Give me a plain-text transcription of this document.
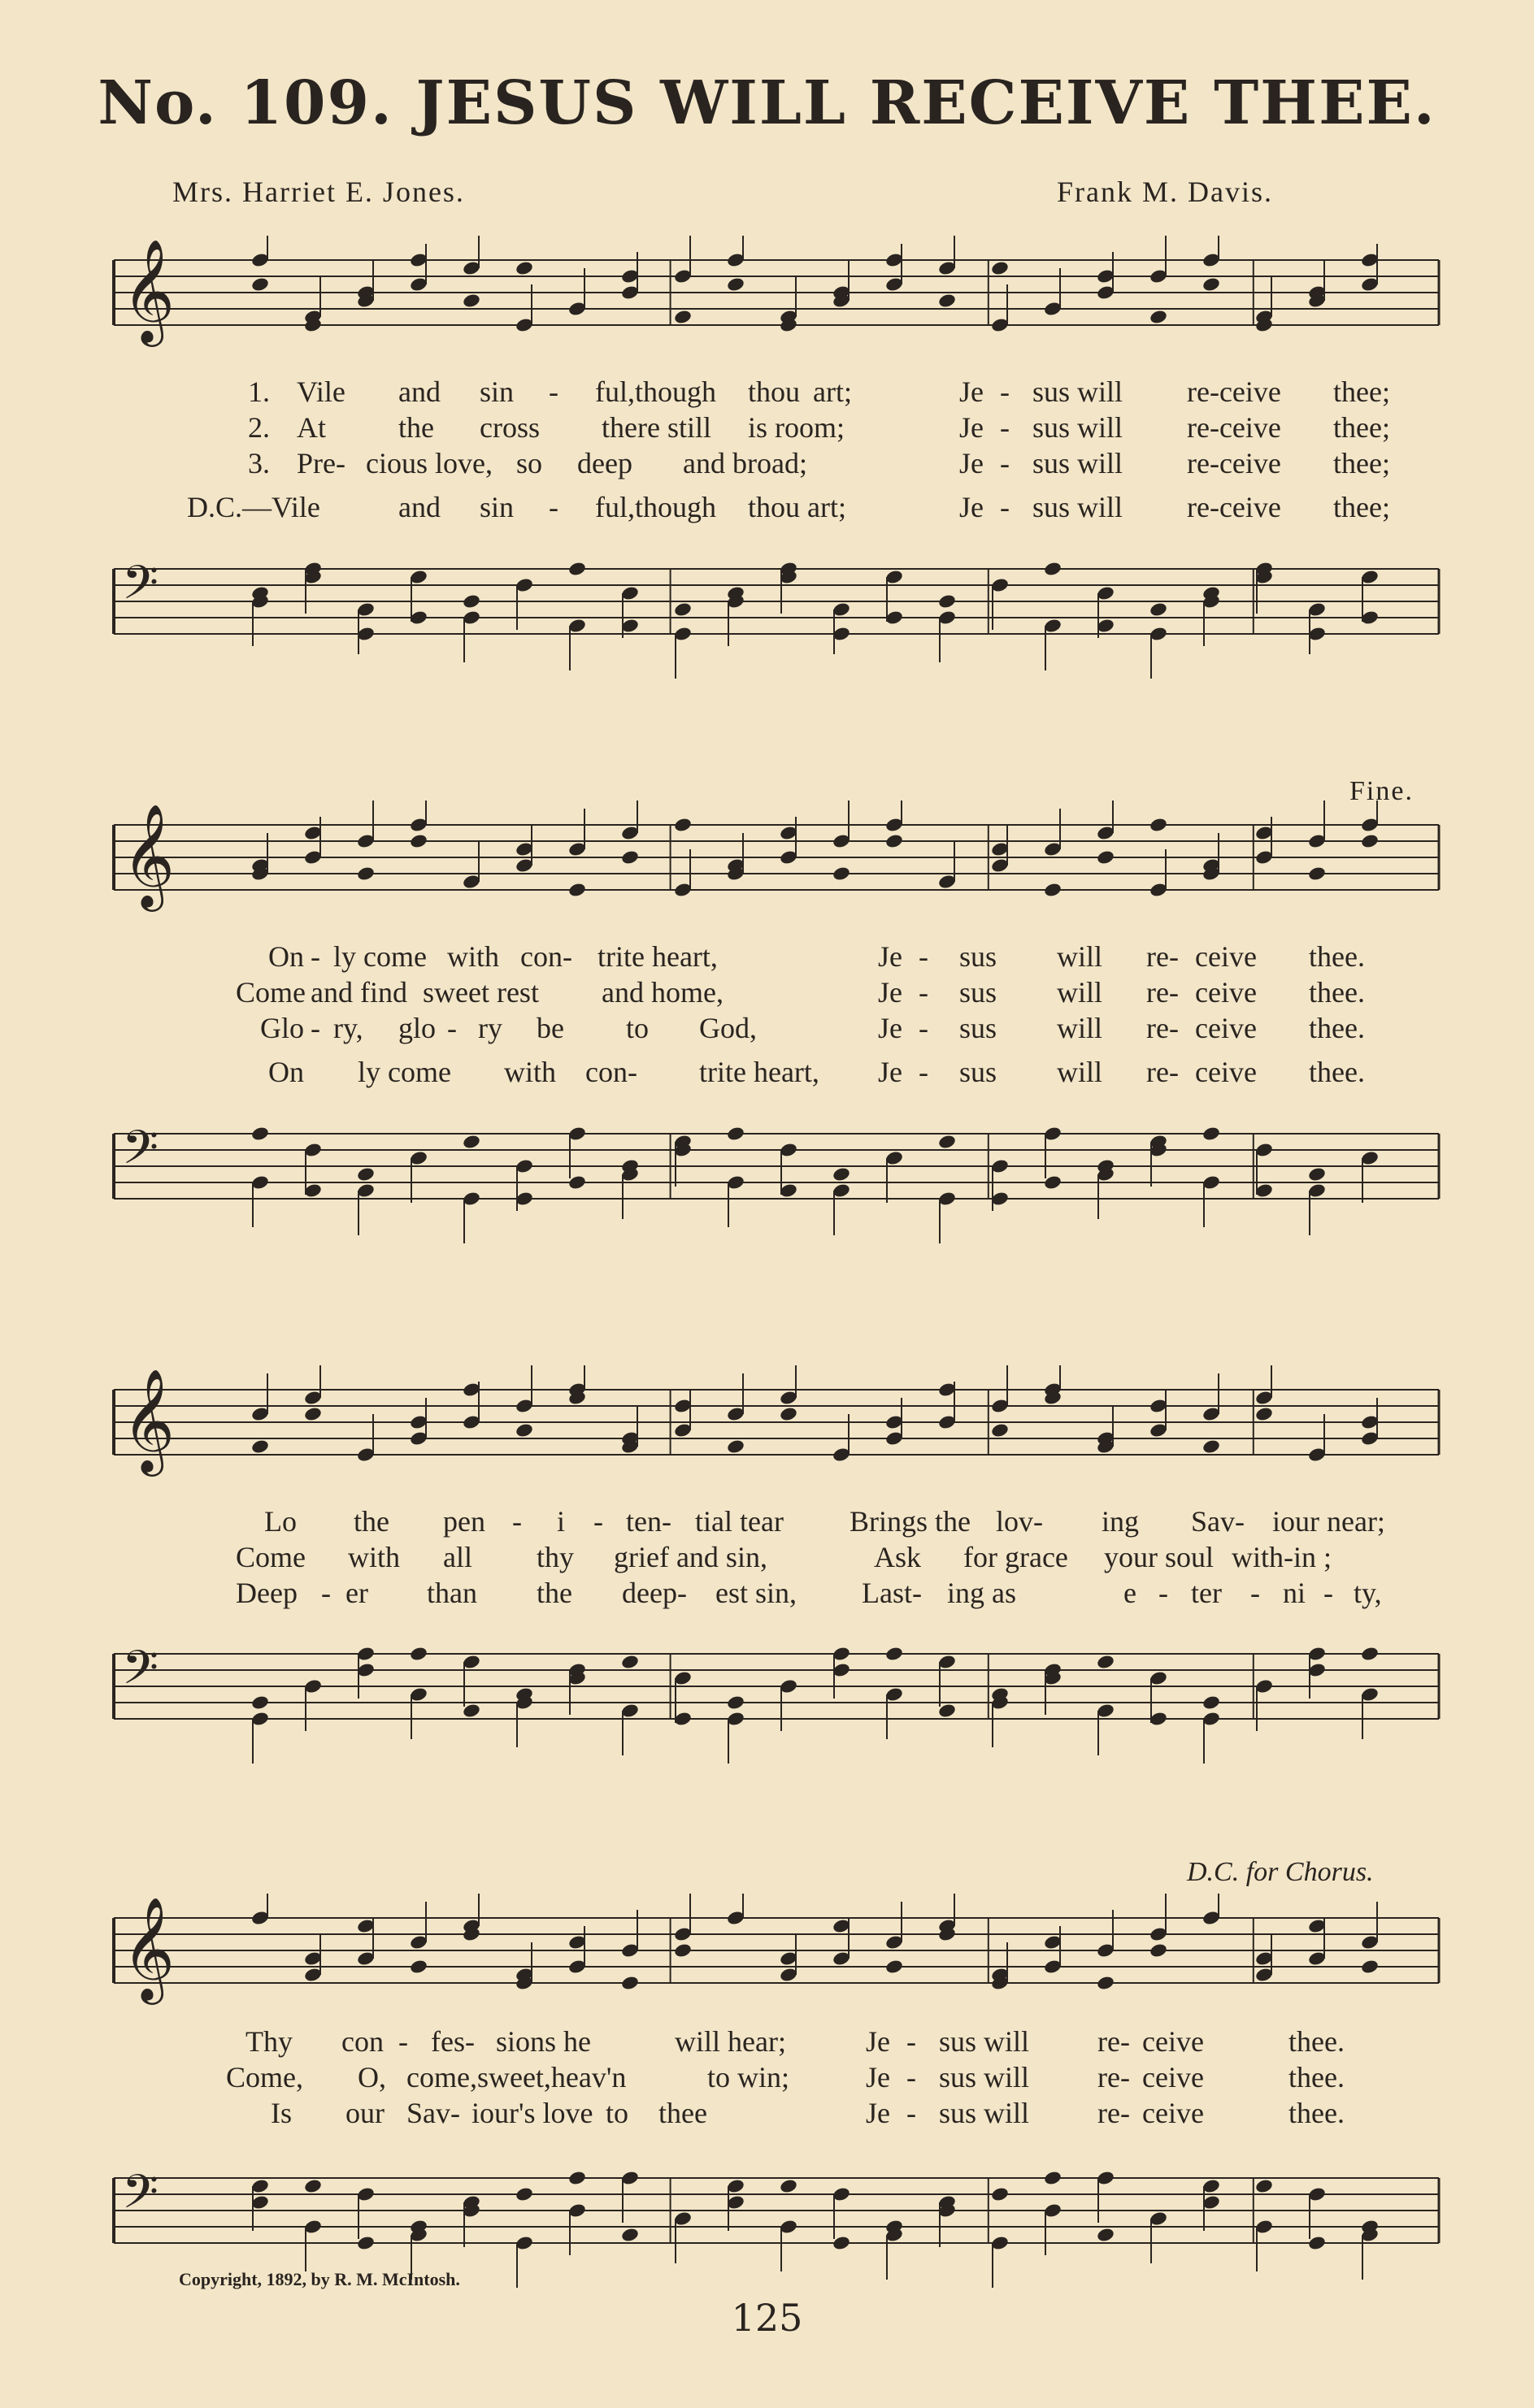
No. 109. JESUS WILL RECEIVE THEE.
Mrs. Harriet E. Jones.	Frank M. Davis.
𝄞
1. Vile and sin - ful,though thou art;	Je - sus will re-ceive thee;
2. At the cross there still is room;	Je - sus will re-ceive thee;
3. Pre- cious love, so deep and broad;	Je - sus will re-ceive thee;
D.C.—Vile	and sin - ful,though thou art;	Je - sus will re-ceive thee;
𝄢
𝄞
Fine.
On - ly come with con- trite heart,	Je - sus will re- ceive thee.
Come and find sweet rest and home,	Je - sus will re- ceive thee.
Glo - ry, glo - ry be to God,	Je - sus will re- ceive thee.
On ly come with con- trite heart, Je - sus will re- ceive thee.
𝄢
𝄞
Lo the pen - i - ten- tial tear Brings the lov- ing Sav- iour near;
Come with all thy grief and sin,	Ask for grace your soul with-in ;
Deep - er than the deep- est sin, Last- ing as	e - ter - ni - ty,
𝄢
D.C. for Chorus.
𝄞
Thy con - fes- sions he	will hear;	Je - sus will re- ceive	thee.
Come, O, come,sweet,heav'n	to win;	Je - sus will re- ceive	thee.
Is our Sav- iour's love to thee	Je - sus will re- ceive	thee.
𝄢
Copyright, 1892, by R. M. McIntosh.
125
